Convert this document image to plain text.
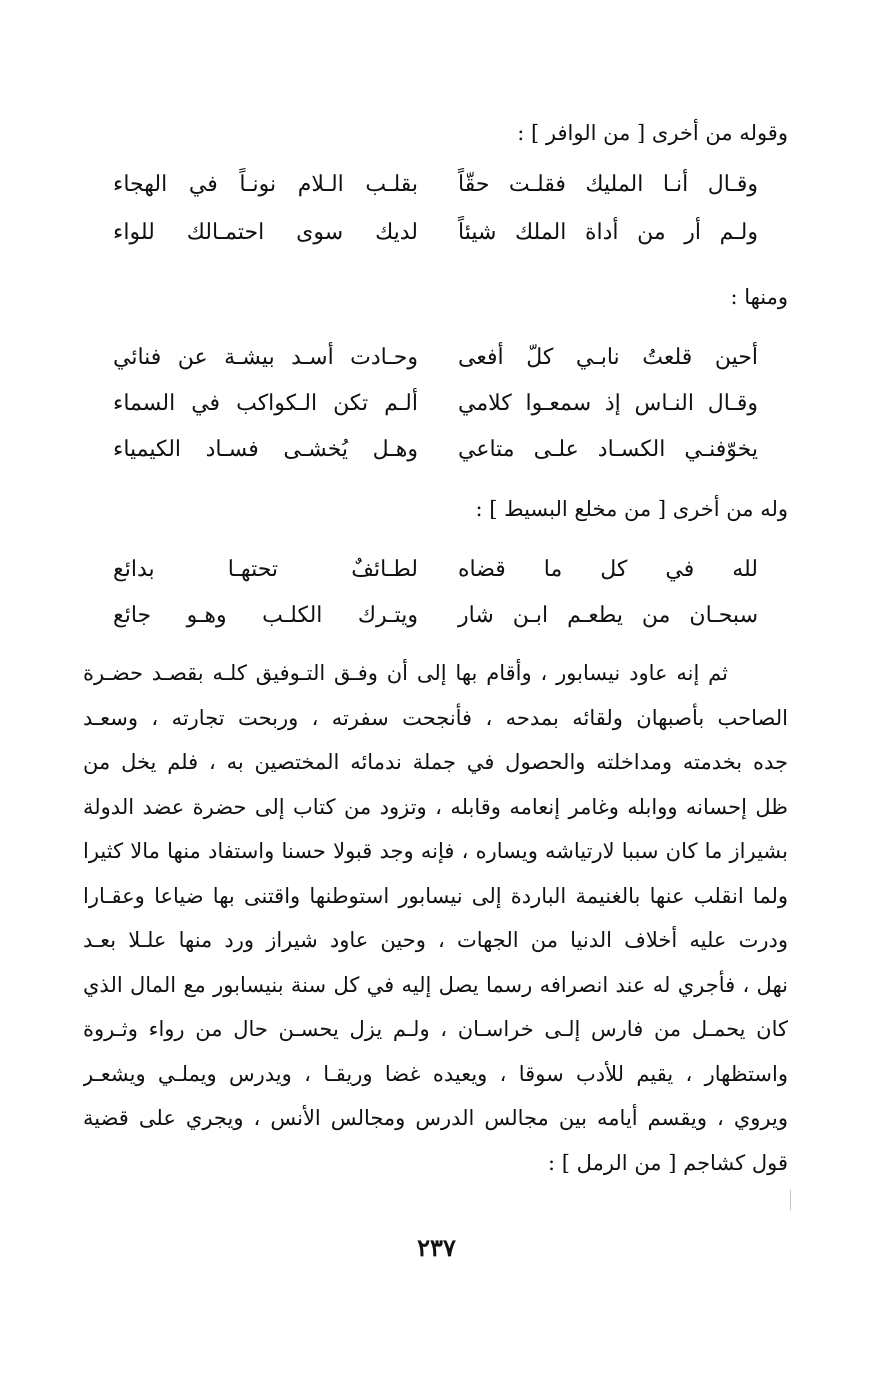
وقوله من أخرى [ من الوافر ] :
وقـال أنـا المليك فقلـت حقّاً
بقلـب الـلام نونـاً في الهجاء
ولـم أر من أداة الملك شيئاً
لديك سوى احتمـالك للواء
ومنها :
أحين قلعتُ نابـي كلّ أفعى
وحـادت أسـد بيشـة عن فنائي
وقـال النـاس إذ سمعـوا كلامي
ألـم تكن الـكواكب في السماء
يخوّفنـي الكسـاد علـى متاعي
وهـل يُخشـى فسـاد الكيمياء
وله من أخرى [ من مخلع البسيط ] :
لله في كل ما قضاه
لطـائفٌ تحتهـا بدائع
سبحـان من يطعـم ابـن شار
ويتـرك الكلـب وهـو جائع
ثم إنه عاود نيسابور ، وأقام بها إلى أن وفـق التـوفيق كلـه بقصـد حضـرة
الصاحب بأصبهان ولقائه بمدحه ، فأنجحت سفرته ، وربحت تجارته ، وسعـد
جده بخدمته ومداخلته والحصول في جملة ندمائه المختصين به ، فلم يخل من
ظل إحسانه ووابله وغامر إنعامه وقابله ، وتزود من كتاب إلى حضرة عضد الدولة
بشيراز ما كان سببا لارتياشه ويساره ، فإنه وجد قبولا حسنا واستفاد منها مالا كثيرا
ولما انقلب عنها بالغنيمة الباردة إلى نيسابور استوطنها واقتنى بها ضياعا وعقـارا
ودرت عليه أخلاف الدنيا من الجهات ، وحين عاود شيراز ورد منها علـلا بعـد
نهل ، فأجري له عند انصرافه رسما يصل إليه في كل سنة بنيسابور مع المال الذي
كان يحمـل من فارس إلـى خراسـان ، ولـم يزل يحسـن حال من رواء وثـروة
واستظهار ، يقيم للأدب سوقا ، ويعيده غضا وريقـا ، ويدرس ويملـي ويشعـر
ويروي ، ويقسم أيامه بين مجالس الدرس ومجالس الأنس ، ويجري على قضية
قول كشاجم [ من الرمل ] :
٢٣٧
